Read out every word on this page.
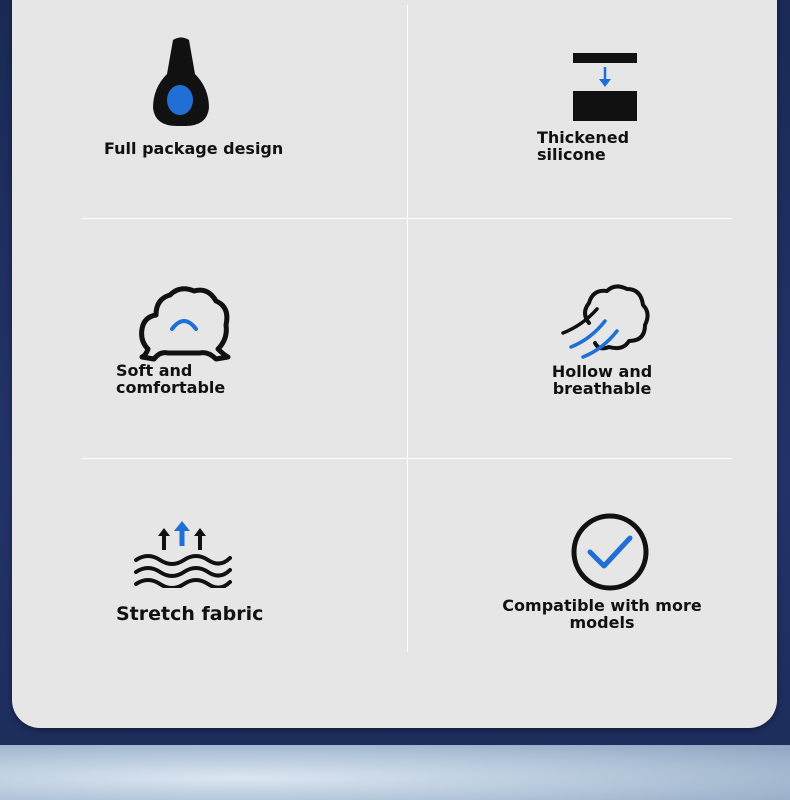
Full package design
Thickened
silicone
Soft and
comfortable
Hollow and
breathable
Stretch fabric	Compatible with more
models
